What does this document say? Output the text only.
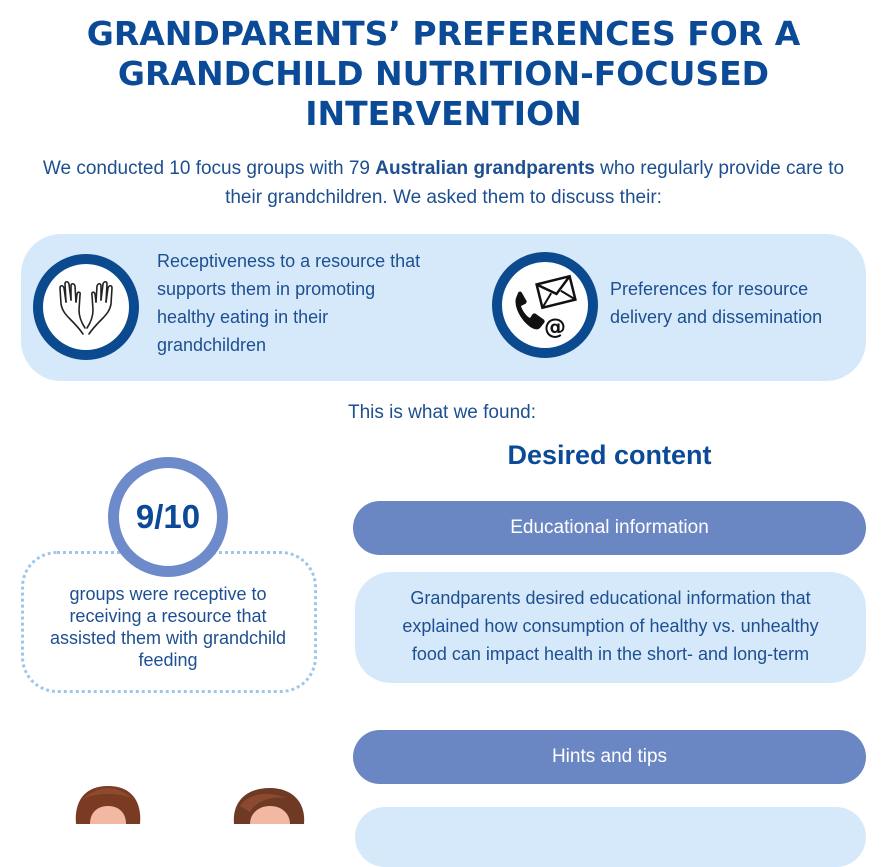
GRANDPARENTS’ PREFERENCES FOR A
GRANDCHILD NUTRITION-FOCUSED
INTERVENTION
We conducted 10 focus groups with 79 Australian grandparents who regularly provide care to their grandchildren. We asked them to discuss their:
Receptiveness to a resource that supports them in promoting healthy eating in their grandchildren
@
Preferences for resource delivery and dissemination
This is what we found:
Desired content
9/10
groups were receptive to receiving a resource that assisted them with grandchild feeding
Educational information
Grandparents desired educational information that explained how consumption of healthy vs. unhealthy food can impact health in the short- and long-term
Hints and tips
